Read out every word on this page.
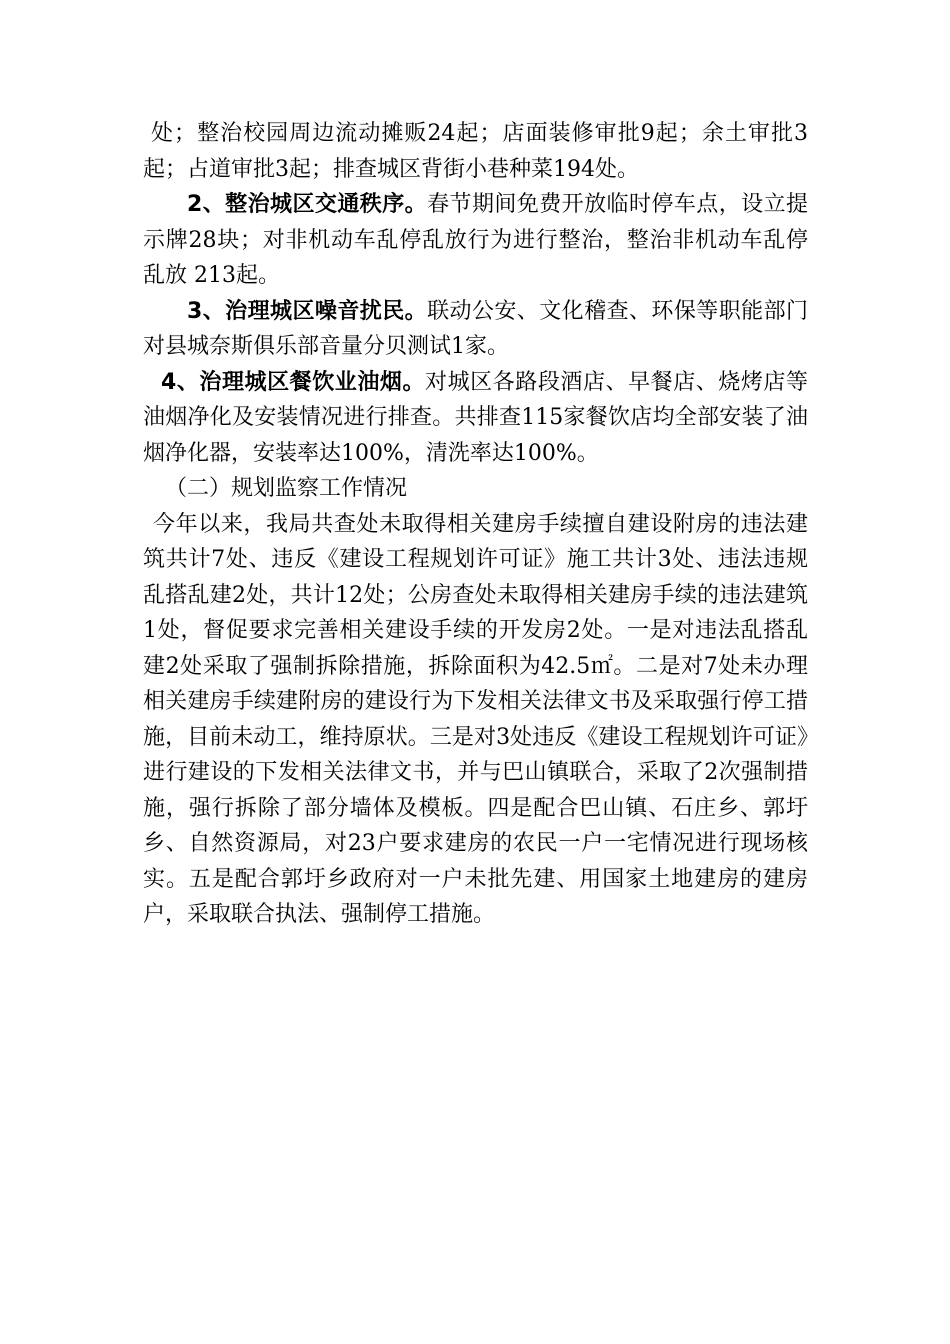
处；整治校园周边流动摊贩24起；店面装修审批9起；余土审批3起；占道审批3起；排查城区背街小巷种菜194处。

2、整治城区交通秩序。春节期间免费开放临时停车点，设立提示牌28块；对非机动车乱停乱放行为进行整治，整治非机动车乱停乱放 213起。

3、治理城区噪音扰民。联动公安、文化稽查、环保等职能部门对县城奈斯俱乐部音量分贝测试1家。

4、治理城区餐饮业油烟。对城区各路段酒店、早餐店、烧烤店等油烟净化及安装情况进行排查。共排查115家餐饮店均全部安装了油烟净化器，安装率达100%，清洗率达100%。

（二）规划监察工作情况

今年以来，我局共查处未取得相关建房手续擅自建设附房的违法建筑共计7处、违反《建设工程规划许可证》施工共计3处、违法违规乱搭乱建2处，共计12处；公房查处未取得相关建房手续的违法建筑1处，督促要求完善相关建设手续的开发房2处。一是对违法乱搭乱建2处采取了强制拆除措施，拆除面积为42.5㎡。二是对7处未办理相关建房手续建附房的建设行为下发相关法律文书及采取强行停工措施，目前未动工，维持原状。三是对3处违反《建设工程规划许可证》进行建设的下发相关法律文书，并与巴山镇联合，采取了2次强制措施，强行拆除了部分墙体及模板。四是配合巴山镇、石庄乡、郭圩乡、自然资源局，对23户要求建房的农民一户一宅情况进行现场核实。五是配合郭圩乡政府对一户未批先建、用国家土地建房的建房户，采取联合执法、强制停工措施。
